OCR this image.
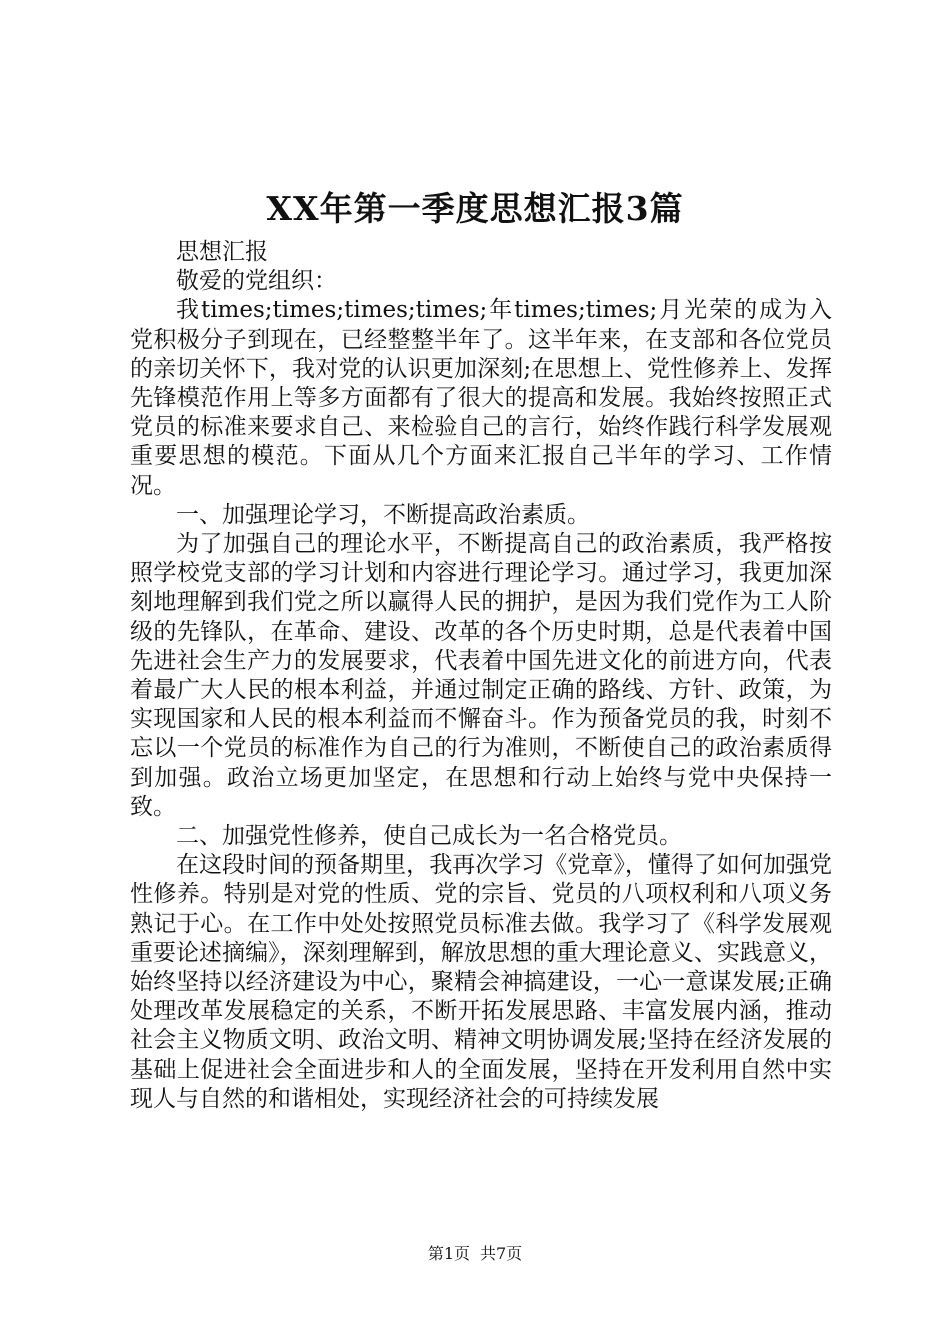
XX年第一季度思想汇报3篇

思想汇报

敬爱的党组织：

我times;times;times;times;年times;times;月光荣的成为入党积极分子到现在，已经整整半年了。这半年来，在支部和各位党员的亲切关怀下，我对党的认识更加深刻;在思想上、党性修养上、发挥先锋模范作用上等多方面都有了很大的提高和发展。我始终按照正式党员的标准来要求自己、来检验自己的言行，始终作践行科学发展观重要思想的模范。下面从几个方面来汇报自己半年的学习、工作情况。

一、加强理论学习，不断提高政治素质。

为了加强自己的理论水平，不断提高自己的政治素质，我严格按照学校党支部的学习计划和内容进行理论学习。通过学习，我更加深刻地理解到我们党之所以赢得人民的拥护，是因为我们党作为工人阶级的先锋队，在革命、建设、改革的各个历史时期，总是代表着中国先进社会生产力的发展要求，代表着中国先进文化的前进方向，代表着最广大人民的根本利益，并通过制定正确的路线、方针、政策，为实现国家和人民的根本利益而不懈奋斗。作为预备党员的我，时刻不忘以一个党员的标准作为自己的行为准则，不断使自己的政治素质得到加强。政治立场更加坚定，在思想和行动上始终与党中央保持一致。

二、加强党性修养，使自己成长为一名合格党员。

在这段时间的预备期里，我再次学习《党章》，懂得了如何加强党性修养。特别是对党的性质、党的宗旨、党员的八项权利和八项义务熟记于心。在工作中处处按照党员标准去做。我学习了《科学发展观重要论述摘编》，深刻理解到，解放思想的重大理论意义、实践意义，始终坚持以经济建设为中心，聚精会神搞建设，一心一意谋发展;正确处理改革发展稳定的关系，不断开拓发展思路、丰富发展内涵，推动社会主义物质文明、政治文明、精神文明协调发展;坚持在经济发展的基础上促进社会全面进步和人的全面发展，坚持在开发利用自然中实现人与自然的和谐相处，实现经济社会的可持续发展

第1页 共7页
